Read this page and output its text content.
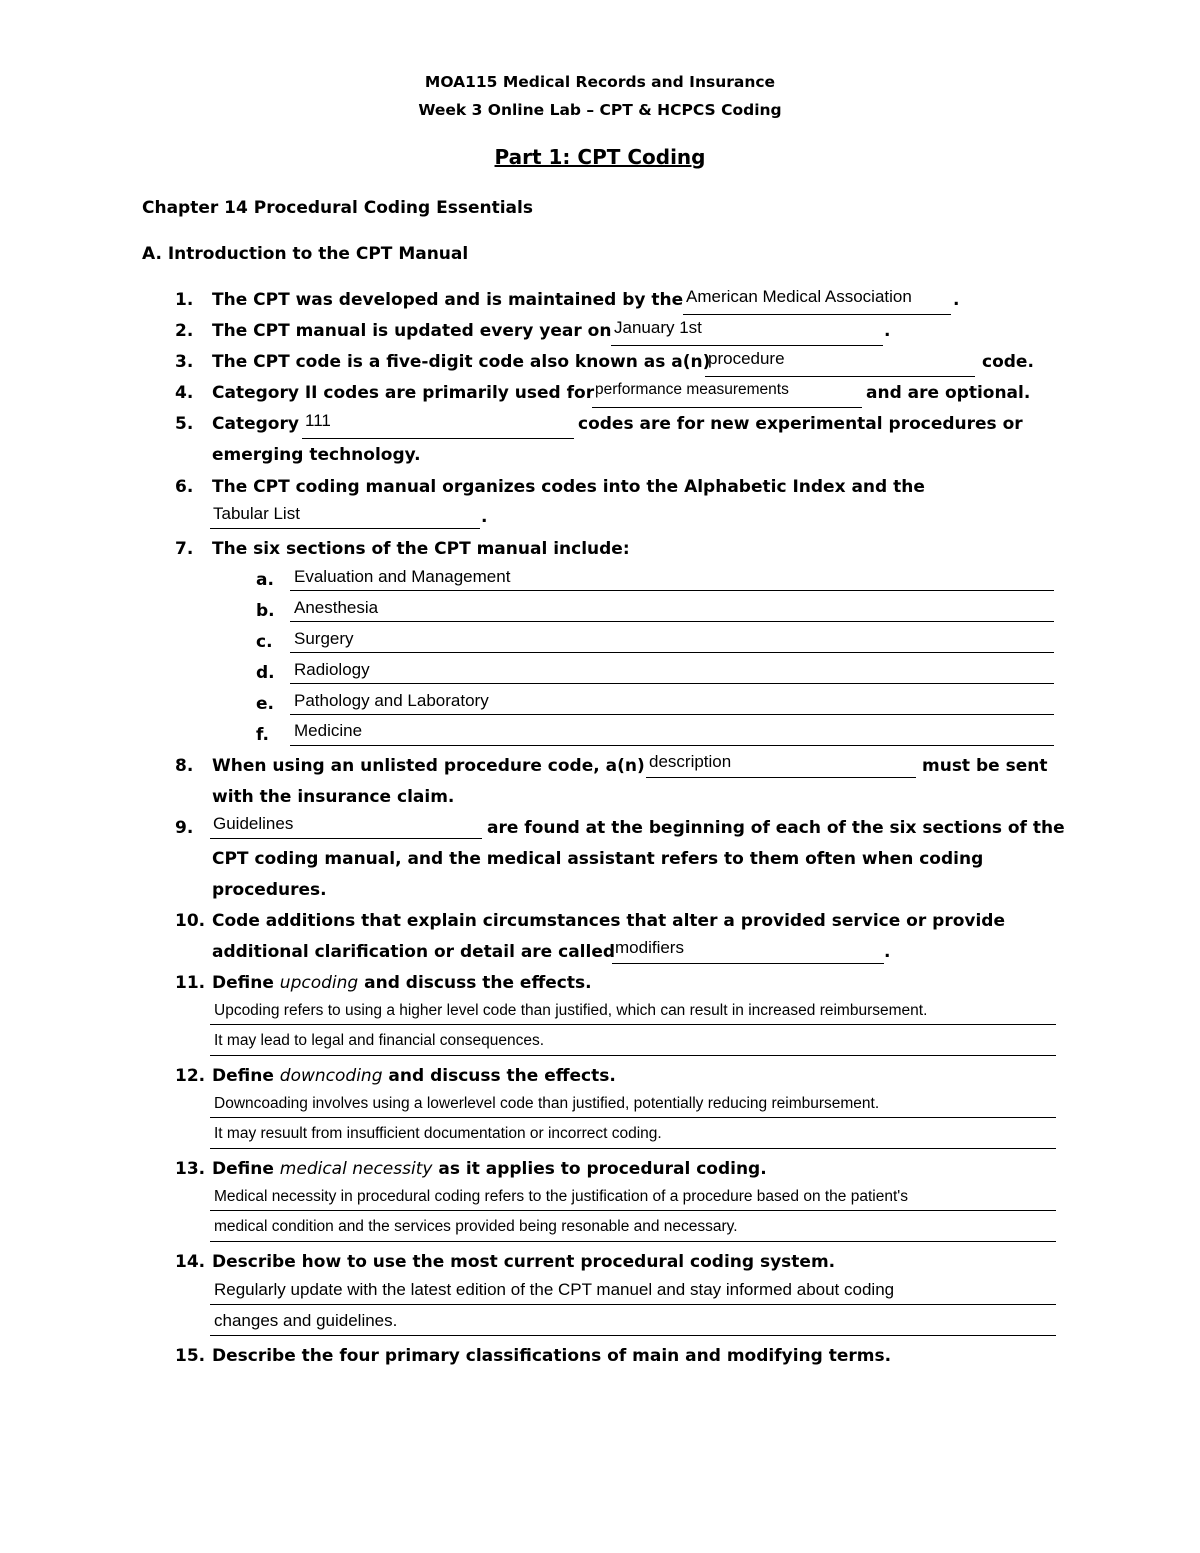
MOA115 Medical Records and Insurance
Week 3 Online Lab – CPT & HCPCS Coding
Part 1: CPT Coding
Chapter 14 Procedural Coding Essentials
A. Introduction to the CPT Manual
1. The CPT was developed and is maintained by the American Medical Association .
2. The CPT manual is updated every year on January 1st	.
3. The CPT code is a five-digit code also known as a(n)
procedure	code.
4. Category II codes are primarily used for performance measurements	and are optional.
5. Category 111	codes are for new experimental procedures or
emerging technology.
6. The CPT coding manual organizes codes into the Alphabetic Index and the
Tabular List	.
7. The six sections of the CPT manual include:
a. Evaluation and Management
b. Anesthesia
c. Surgery
d. Radiology
e. Pathology and Laboratory
f. Medicine
8. When using an unlisted procedure code, a(n) description	must be sent
with the insurance claim.
9. Guidelines	are found at the beginning of each of the six sections of the
CPT coding manual, and the medical assistant refers to them often when coding
procedures.
10. Code additions that explain circumstances that alter a provided service or provide
additional clarification or detail are called modifiers	.
11. Define upcoding and discuss the effects.
Upcoding refers to using a higher level code than justified, which can result in increased reimbursement.
It may lead to legal and financial consequences.
12. Define downcoding and discuss the effects.
Downcoading involves using a lowerlevel code than justified, potentially reducing reimbursement.
It may resuult from insufficient documentation or incorrect coding.
13. Define medical necessity as it applies to procedural coding.
Medical necessity in procedural coding refers to the justification of a procedure based on the patient's
medical condition and the services provided being resonable and necessary.
14. Describe how to use the most current procedural coding system.
Regularly update with the latest edition of the CPT manuel and stay informed about coding
changes and guidelines.
15. Describe the four primary classifications of main and modifying terms.
